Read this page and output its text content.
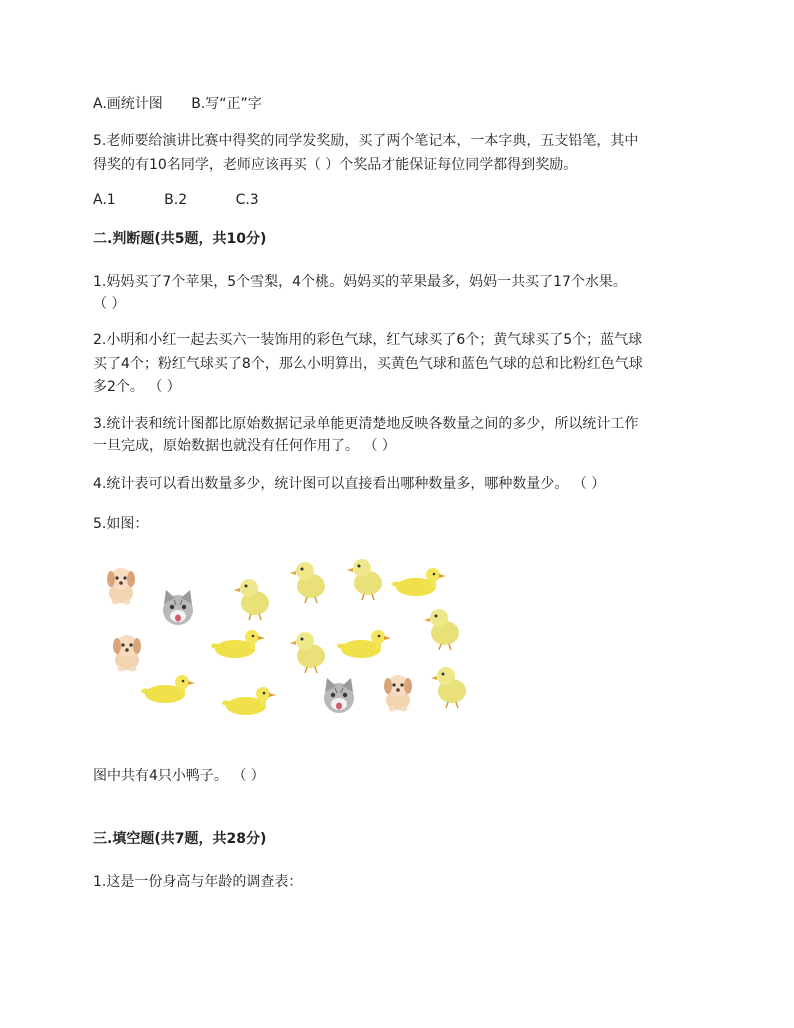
A.画统计图 B.写“正”字
5.老师要给演讲比赛中得奖的同学发奖励，买了两个笔记本，一本字典，五支铅笔，其中
得奖的有10名同学，老师应该再买（ ）个奖品才能保证每位同学都得到奖励。
A.1	B.2	C.3
二.判断题(共5题，共10分)
1.妈妈买了7个苹果，5个雪梨，4个桃。妈妈买的苹果最多，妈妈一共买了17个水果。
（ ）
2.小明和小红一起去买六一装饰用的彩色气球，红气球买了6个；黄气球买了5个；蓝气球
买了4个；粉红气球买了8个，那么小明算出，买黄色气球和蓝色气球的总和比粉红色气球
多2个。 （ ）
3.统计表和统计图都比原始数据记录单能更清楚地反映各数量之间的多少，所以统计工作
一旦完成，原始数据也就没有任何作用了。 （ ）
4.统计表可以看出数量多少，统计图可以直接看出哪种数量多，哪种数量少。 （ ）
5.如图：
图中共有4只小鸭子。 （ ）
三.填空题(共7题，共28分)
1.这是一份身高与年龄的调查表：
